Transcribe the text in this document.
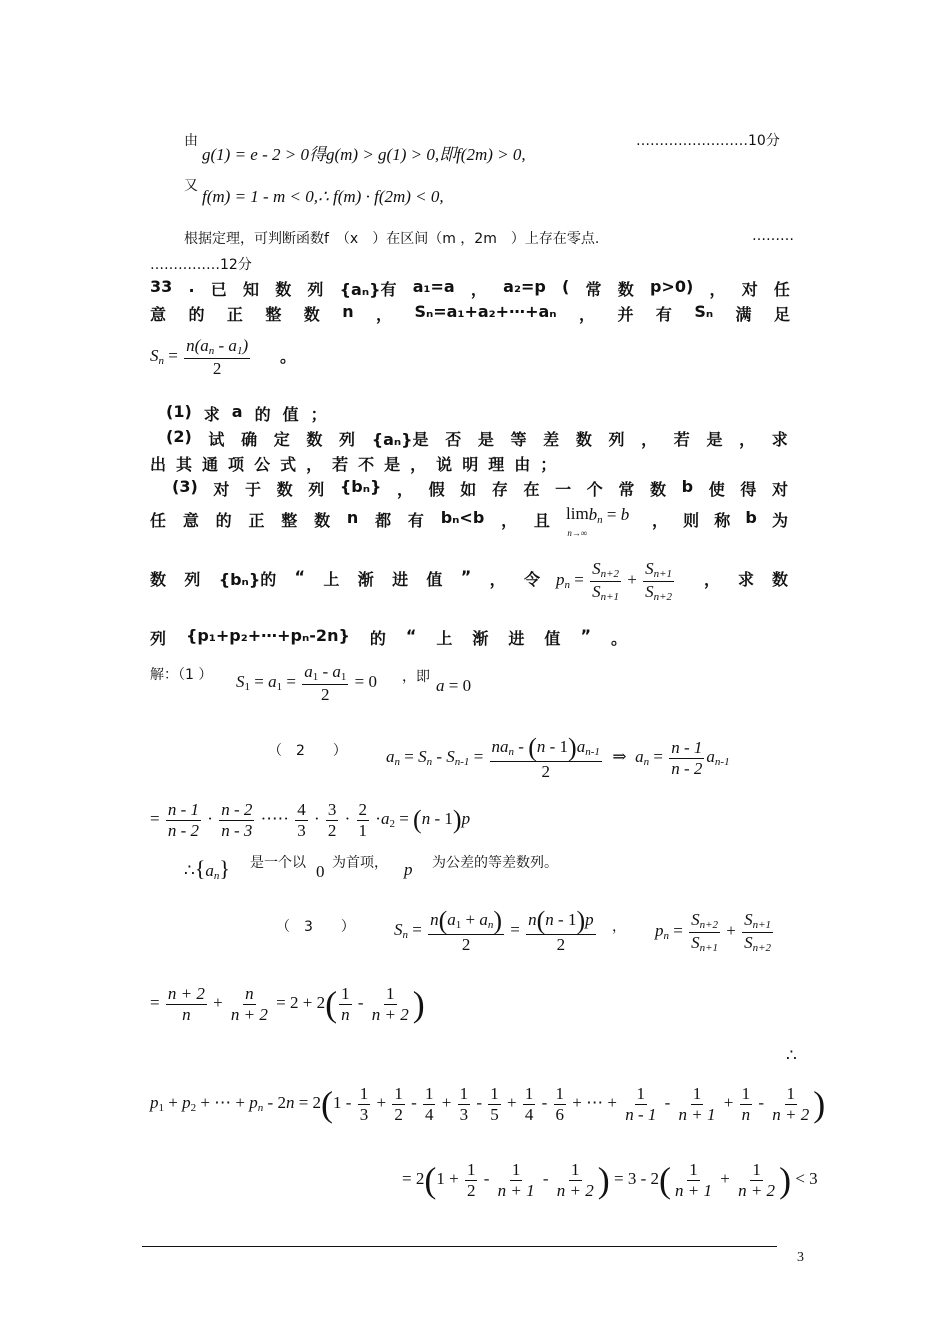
由
g(1) = e - 2 > 0得g(m) > g(1) > 0,即f(2m) > 0,
……………………10分
又
f(m) = 1 - m < 0,∴ f(m) · f(2m) < 0,
根据定理，可判断函数f　（x　）在区间（m ，2m　）上存在零点.	………
……………12分
33 . 已 知 数 列 {aₙ}有 a₁=a ， a₂=p ( 常 数 p>0) ， 对 任
意 的 正 整 数 n ， Sₙ=a₁+a₂+⋯+aₙ ， 并 有 Sₙ 满 足
$S_n = \frac{n(a_n - a_1)}{2}$ 。
(1) 求 a 的 值 ；
(2) 试 确 定 数 列 {aₙ}是 否 是 等 差 数 列 ， 若 是 ， 求
出 其 通 项 公 式 ， 若 不 是 ， 说 明 理 由 ；
(3) 对 于 数 列 {bₙ} ， 假 如 存 在 一 个 常 数 b 使 得 对
任 意 的 正 整 数 n 都 有 bₙ<b ， 且 lim
$n\to\infty b_n = b$ ， 则 称 b 为
数 列 {bₙ}的 “ 上 渐 进 值 ” ， 令 $p_n = \frac{S_{n+2}}{S_{n+1}} + \frac{S_{n+1}}{S_{n+2}}$ ， 求 数
列 {p₁+p₂+⋯+pₙ-2n} 的 “ 上 渐 进 值 ” 。
解：（1 ） $S_1 = a_1 = \frac{a_1 - a_1}{2} = 0$ ，即 a = 0
（　2　　） $a_n = S_n - S_{n-1} = \frac{na_n - (n - 1)a_{n-1}}{2}$ ⇒  $a_n = \frac{n - 1}{n - 2} a_{n-1}$
= $\frac{n - 1}{n - 2} \cdot \frac{n - 2}{n - 3}$ ·⋯· $\frac{4}{3} \cdot \frac{3}{2} \cdot \frac{2}{1} \cdot a_2 = (n - 1)p$
$\therefore\{a_n\}$ 是一个以 0 为首项， p 为公差的等差数列。
（　3　　） $S_n = \frac{n(a_1 + a_n)}{2} = \frac{n(n - 1)p}{2}$ ， $p_n = \frac{S_{n+2}}{S_{n+1}} + \frac{S_{n+1}}{S_{n+2}}$
= $\frac{n + 2}{n} + \frac{n}{n + 2} = 2 + 2( \frac{1}{n} - \frac{1}{n + 2}$ )
∴
$p_1 + p_2$ + ⋯ + $p_n - 2n = 2(1 - \frac{1}{3} + \frac{1}{2} - \frac{1}{4} + \frac{1}{3} - \frac{1}{5} + \frac{1}{4} - \frac{1}{6}$ + ⋯ + $\frac{1}{n - 1} - \frac{1}{n + 1} + \frac{1}{n} - \frac{1}{n + 2}$ )
= $2(1 + \frac{1}{2} - \frac{1}{n + 1} - \frac{1}{n + 2}$ ) = $3 - 2( \frac{1}{n + 1} + \frac{1}{n + 2}$ ) < 3
3
